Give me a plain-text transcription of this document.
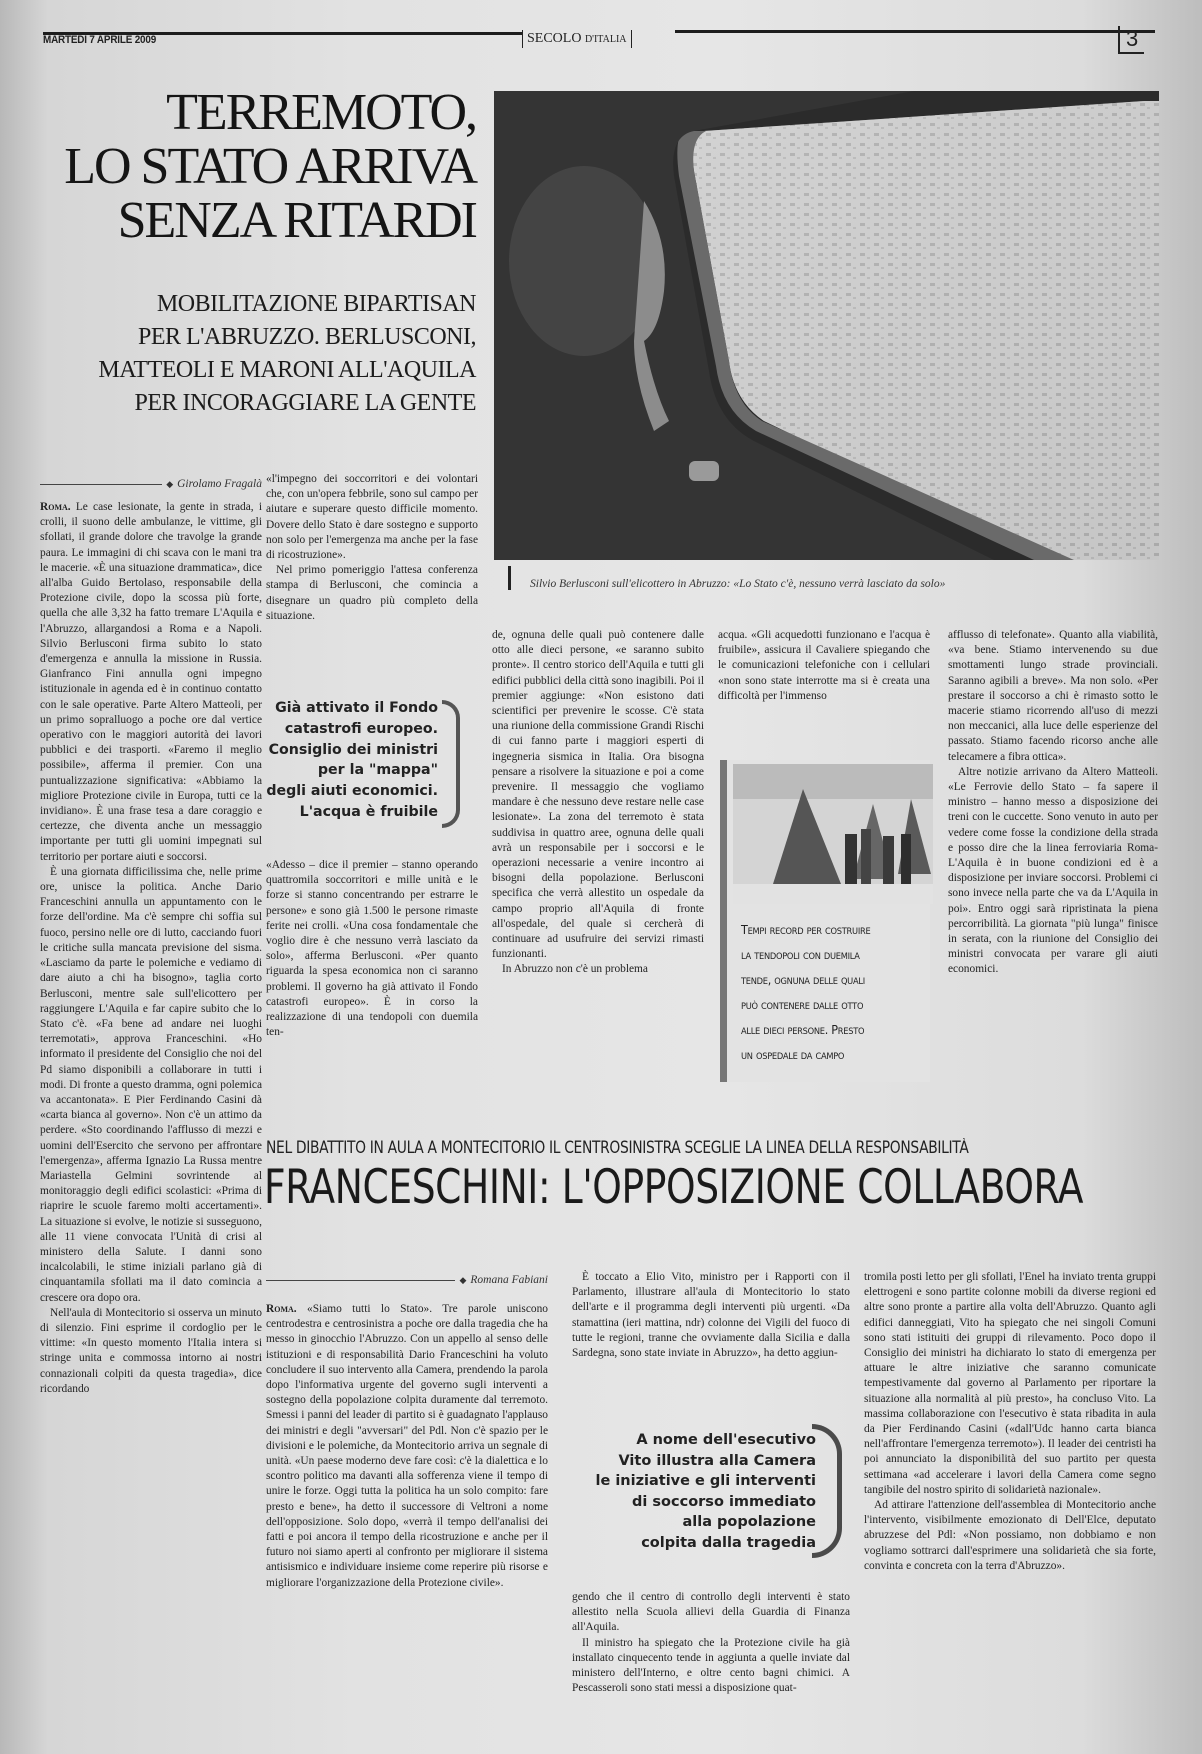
MARTEDÌ 7 APRILE 2009	SECOLO D'ITALIA	3
TERREMOTO,
LO STATO ARRIVA
SENZA RITARDI
MOBILITAZIONE BIPARTISAN
PER L'ABRUZZO. BERLUSCONI,
MATTEOLI E MARONI ALL'AQUILA
PER INCORAGGIARE LA GENTE
Silvio Berlusconi sull'elicottero in Abruzzo: «Lo Stato c'è, nessuno verrà lasciato da solo»
◆ Girolamo Fragalà

Roma. Le case lesionate, la gente in strada, i crolli, il suono delle ambulanze, le vittime, gli sfollati, il grande dolore che travolge la grande paura. Le immagini di chi scava con le mani tra le macerie. «È una situazione drammatica», dice all'alba Guido Bertolaso, responsabile della Protezione civile, dopo la scossa più forte, quella che alle 3,32 ha fatto tremare L'Aquila e l'Abruzzo, allargandosi a Roma e a Napoli. Silvio Berlusconi firma subito lo stato d'emergenza e annulla la missione in Russia. Gianfranco Fini annulla ogni impegno istituzionale in agenda ed è in continuo contatto con le sale operative. Parte Altero Matteoli, per un primo sopralluogo a poche ore dal vertice operativo con le maggiori autorità dei lavori pubblici e dei trasporti. «Faremo il meglio possibile», afferma il premier. Con una puntualizzazione significativa: «Abbiamo la migliore Protezione civile in Europa, tutti ce la invidiano». È una frase tesa a dare coraggio e certezze, che diventa anche un messaggio importante per tutti gli uomini impegnati sul territorio per portare aiuti e soccorsi.

È una giornata difficilissima che, nelle prime ore, unisce la politica. Anche Dario Franceschini annulla un appuntamento con le forze dell'ordine. Ma c'è sempre chi soffia sul fuoco, persino nelle ore di lutto, cacciando fuori le critiche sulla mancata previsione del sisma. «Lasciamo da parte le polemiche e vediamo di dare aiuto a chi ha bisogno», taglia corto Berlusconi, mentre sale sull'elicottero per raggiungere L'Aquila e far capire subito che lo Stato c'è. «Fa bene ad andare nei luoghi terremotati», approva Franceschini. «Ho informato il presidente del Consiglio che noi del Pd siamo disponibili a collaborare in tutti i modi. Di fronte a questo dramma, ogni polemica va accantonata». E Pier Ferdinando Casini dà «carta bianca al governo». Non c'è un attimo da perdere. «Sto coordinando l'afflusso di mezzi e uomini dell'Esercito che servono per affrontare l'emergenza», afferma Ignazio La Russa mentre Mariastella Gelmini sovrintende al monitoraggio degli edifici scolastici: «Prima di riaprire le scuole faremo molti accertamenti». La situazione si evolve, le notizie si susseguono, alle 11 viene convocata l'Unità di crisi al ministero della Salute. I danni sono incalcolabili, le stime iniziali parlano già di cinquantamila sfollati ma il dato comincia a crescere ora dopo ora.

Nell'aula di Montecitorio si osserva un minuto di silenzio. Fini esprime il cordoglio per le vittime: «In questo momento l'Italia intera si stringe unita e commossa intorno ai nostri connazionali colpiti da questa tragedia», dice ricordando

«l'impegno dei soccorritori e dei volontari che, con un'opera febbrile, sono sul campo per aiutare e superare questo difficile momento. Dovere dello Stato è dare sostegno e supporto non solo per l'emergenza ma anche per la fase di ricostruzione».

Nel primo pomeriggio l'attesa conferenza stampa di Berlusconi, che comincia a disegnare un quadro più completo della situazione.

Già attivato il Fondo
catastrofi europeo.
Consiglio dei ministri
per la "mappa"
degli aiuti economici.
L'acqua è fruibile

«Adesso – dice il premier – stanno operando quattromila soccorritori e mille unità e le forze si stanno concentrando per estrarre le persone» e sono già 1.500 le persone rimaste ferite nei crolli. «Una cosa fondamentale che voglio dire è che nessuno verrà lasciato da solo», afferma Berlusconi. «Per quanto riguarda la spesa economica non ci saranno problemi. Il governo ha già attivato il Fondo catastrofi europeo». È in corso la realizzazione di una tendopoli con duemila ten-

de, ognuna delle quali può contenere dalle otto alle dieci persone, «e saranno subito pronte». Il centro storico dell'Aquila e tutti gli edifici pubblici della città sono inagibili. Poi il premier aggiunge: «Non esistono dati scientifici per prevenire le scosse. C'è stata una riunione della commissione Grandi Rischi di cui fanno parte i maggiori esperti di ingegneria sismica in Italia. Ora bisogna pensare a risolvere la situazione e poi a come prevenire. Il messaggio che vogliamo mandare è che nessuno deve restare nelle case lesionate». La zona del terremoto è stata suddivisa in quattro aree, ognuna delle quali avrà un responsabile per i soccorsi e le operazioni necessarie a venire incontro ai bisogni della popolazione. Berlusconi specifica che verrà allestito un ospedale da campo proprio all'Aquila di fronte all'ospedale, del quale si cercherà di continuare ad usufruire dei servizi rimasti funzionanti.

In Abruzzo non c'è un problema

acqua. «Gli acquedotti funzionano e l'acqua è fruibile», assicura il Cavaliere spiegando che le comunicazioni telefoniche con i cellulari «non sono state interrotte ma si è creata una difficoltà per l'immenso

Tempi record per costruire
la tendopoli con duemila
tende, ognuna delle quali
può contenere dalle otto
alle dieci persone. Presto
un ospedale da campo

afflusso di telefonate». Quanto alla viabilità, «va bene. Stiamo intervenendo su due smottamenti lungo strade provinciali. Saranno agibili a breve». Ma non solo. «Per prestare il soccorso a chi è rimasto sotto le macerie stiamo ricorrendo all'uso di mezzi non meccanici, alla luce delle esperienze del passato. Stiamo facendo ricorso anche alle telecamere a fibra ottica».

Altre notizie arrivano da Altero Matteoli. «Le Ferrovie dello Stato – fa sapere il ministro – hanno messo a disposizione dei treni con le cuccette. Sono venuto in auto per vedere come fosse la condizione della strada e posso dire che la linea ferroviaria Roma-L'Aquila è in buone condizioni ed è a disposizione per inviare soccorsi. Problemi ci sono invece nella parte che va da L'Aquila in poi». Entro oggi sarà ripristinata la piena percorribilità. La giornata "più lunga" finisce in serata, con la riunione del Consiglio dei ministri convocata per varare gli aiuti economici.

NEL DIBATTITO IN AULA A MONTECITORIO IL CENTROSINISTRA SCEGLIE LA LINEA DELLA RESPONSABILITÀ
FRANCESCHINI: L'OPPOSIZIONE COLLABORA
◆ Romana Fabiani

Roma. «Siamo tutti lo Stato». Tre parole uniscono centrodestra e centrosinistra a poche ore dalla tragedia che ha messo in ginocchio l'Abruzzo. Con un appello al senso delle istituzioni e di responsabilità Dario Franceschini ha voluto concludere il suo intervento alla Camera, prendendo la parola dopo l'informativa urgente del governo sugli interventi a sostegno della popolazione colpita duramente dal terremoto. Smessi i panni del leader di partito si è guadagnato l'applauso dei ministri e degli "avversari" del Pdl. Non c'è spazio per le divisioni e le polemiche, da Montecitorio arriva un segnale di unità. «Un paese moderno deve fare così: c'è la dialettica e lo scontro politico ma davanti alla sofferenza viene il tempo di unire le forze. Oggi tutta la politica ha un solo compito: fare presto e bene», ha detto il successore di Veltroni a nome dell'opposizione. Solo dopo, «verrà il tempo dell'analisi dei fatti e poi ancora il tempo della ricostruzione e anche per il futuro noi siamo aperti al confronto per migliorare il sistema antisismico e individuare insieme come reperire più risorse e migliorare l'organizzazione della Protezione civile».

È toccato a Elio Vito, ministro per i Rapporti con il Parlamento, illustrare all'aula di Montecitorio lo stato dell'arte e il programma degli interventi più urgenti. «Da stamattina (ieri mattina, ndr) colonne dei Vigili del fuoco di tutte le regioni, tranne che ovviamente dalla Sicilia e dalla Sardegna, sono state inviate in Abruzzo», ha detto aggiun-

A nome dell'esecutivo
Vito illustra alla Camera
le iniziative e gli interventi
di soccorso immediato
alla popolazione
colpita dalla tragedia

gendo che il centro di controllo degli interventi è stato allestito nella Scuola allievi della Guardia di Finanza all'Aquila.

Il ministro ha spiegato che la Protezione civile ha già installato cinquecento tende in aggiunta a quelle inviate dal ministero dell'Interno, e oltre cento bagni chimici. A Pescasseroli sono stati messi a disposizione quat-

tromila posti letto per gli sfollati, l'Enel ha inviato trenta gruppi elettrogeni e sono partite colonne mobili da diverse regioni ed altre sono pronte a partire alla volta dell'Abruzzo. Quanto agli edifici danneggiati, Vito ha spiegato che nei singoli Comuni sono stati istituiti dei gruppi di rilevamento. Poco dopo il Consiglio dei ministri ha dichiarato lo stato di emergenza per attuare le altre iniziative che saranno comunicate tempestivamente dal governo al Parlamento per riportare la situazione alla normalità al più presto», ha concluso Vito. La massima collaborazione con l'esecutivo è stata ribadita in aula da Pier Ferdinando Casini («dall'Udc hanno carta bianca nell'affrontare l'emergenza terremoto»). Il leader dei centristi ha poi annunciato la disponibilità del suo partito per questa settimana «ad accelerare i lavori della Camera come segno tangibile del nostro spirito di solidarietà nazionale».

Ad attirare l'attenzione dell'assemblea di Montecitorio anche l'intervento, visibilmente emozionato di Dell'Elce, deputato abruzzese del Pdl: «Non possiamo, non dobbiamo e non vogliamo sottrarci dall'esprimere una solidarietà che sia forte, convinta e concreta con la terra d'Abruzzo».
